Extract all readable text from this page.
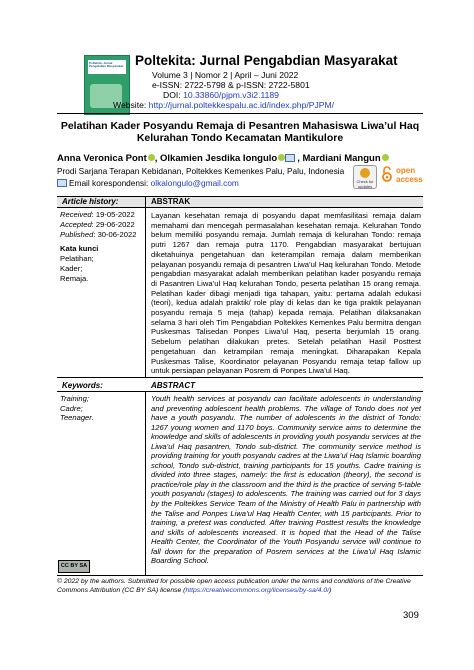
Poltekita: Jurnal Pengabdian Masyarakat Poltekita: Jurnal Pengabdian Masyarakat
Volume 3 | Nomor 2 | April – Juni 2022
e-ISSN: 2722-5798 & p-ISSN: 2722-5801
DOI: 10.33860/pjpm.v3i2.1189
Website: http://jurnal.poltekkespalu.ac.id/index.php/PJPM/
Pelatihan Kader Posyandu Remaja di Pesantren Mahasiswa Liwa’ul Haq
Kelurahan Tondo Kecamatan Mantikulore
Anna Veronica Pont , Olkamien Jesdika Iongulo , Mardiani Mangun
Prodi Sarjana Terapan Kebidanan, Poltekkes Kemenkes Palu, Palu, Indonesia
Email korespondensi: olkalongulo@gmail.com	Check for updates
open
access
Article history:	ABSTRAK
Received: 19-05-2022
Accepted: 29-06-2022
Published: 30-06-2022
Kata kunci
Pelatihan;
Kader;
Remaja.
Layanan kesehatan remaja di posyandu dapat memfasilitasi remaja dalam memahami dan mencegah permasalahan kesehatan remaja. Kelurahan Tondo belum memiliki posyandu remaja. Jumlah remaja di kelurahan Tondo: remaja putri 1267 dan remaja putra 1170. Pengabdian masyarakat bertujuan diketahuinya pengetahuan dan keterampilan remaja dalam memberikan pelayanan posyandu remaja di pesantren Liwa’ul Haq kelurahan Tondo. Metode pengabdian masyarakat adalah memberikan pelatihan kader posyandu remaja di Pasantren Liwa’ul Haq kelurahan Tondo, peserta pelatihan 15 orang remaja. Pelatihan kader dibagi menjadi tiga tahapan, yaitu: pertama adalah edukasi (teori), kedua adalah praktik/ role play di kelas dan ke tiga praktik pelayanan posyandu remaja 5 meja (tahap) kepada remaja. Pelatihan dilaksanakan selama 3 hari oleh Tim Pengabdian Poltekkes Kemenkes Palu bermitra dengan Puskesmas Talisedan Ponpes Liwa’ul Haq, peserta berjumlah 15 orang. Sebelum pelatihan dilakukan pretes. Setelah pelatihan Hasil Posttest pengetahuan dan ketrampilan remaja meningkat. Diharapakan Kepala Puskesmas Talise, Koordinator pelayanan Posyandu remaja tetap fallow up untuk persiapan pelayanan Posrem di Ponpes Liwa’ul Haq.
Keywords:	ABSTRACT
Training;
Cadre;
Teenager.
Youth health services at posyandu can facilitate adolescents in understanding and preventing adolescent health problems. The village of Tondo does not yet have a youth posyandu. The number of adolescents in the district of Tondo: 1267 young women and 1170 boys. Community service aims to determine the knowledge and skills of adolescents in providing youth posyandu services at the Liwa’ul Haq pasantren, Tondo sub-district. The community service method is providing training for youth posyandu cadres at the Liwa’ul Haq Islamic boarding school, Tondo sub-district, training participants for 15 youths. Cadre training is divided into three stages, namely: the first is education (theory), the second is practice/role play in the classroom and the third is the practice of serving 5-table youth posyandu (stages) to adolescents. The training was carried out for 3 days by the Poltekkes Service Team of the Ministry of Health Palu in partnership with the Talise and Ponpes Liwa’ul Haq Health Center, with 15 participants. Prior to training, a pretest was conducted. After training Posttest results the knowledge and skills of adolescents increased. It is hoped that the Head of the Talise Health Center, the Coordinator of the Youth Posyandu service will continue to fall down for the preparation of Posrem services at the Liwa’ul Haq Islamic Boarding School.
CC BY SA
© 2022 by the authors. Submitted for possible open access publication under the terms and conditions of the Creative Commons Attribution (CC BY SA) license (https://creativecommons.org/licenses/by-sa/4.0/)
309
